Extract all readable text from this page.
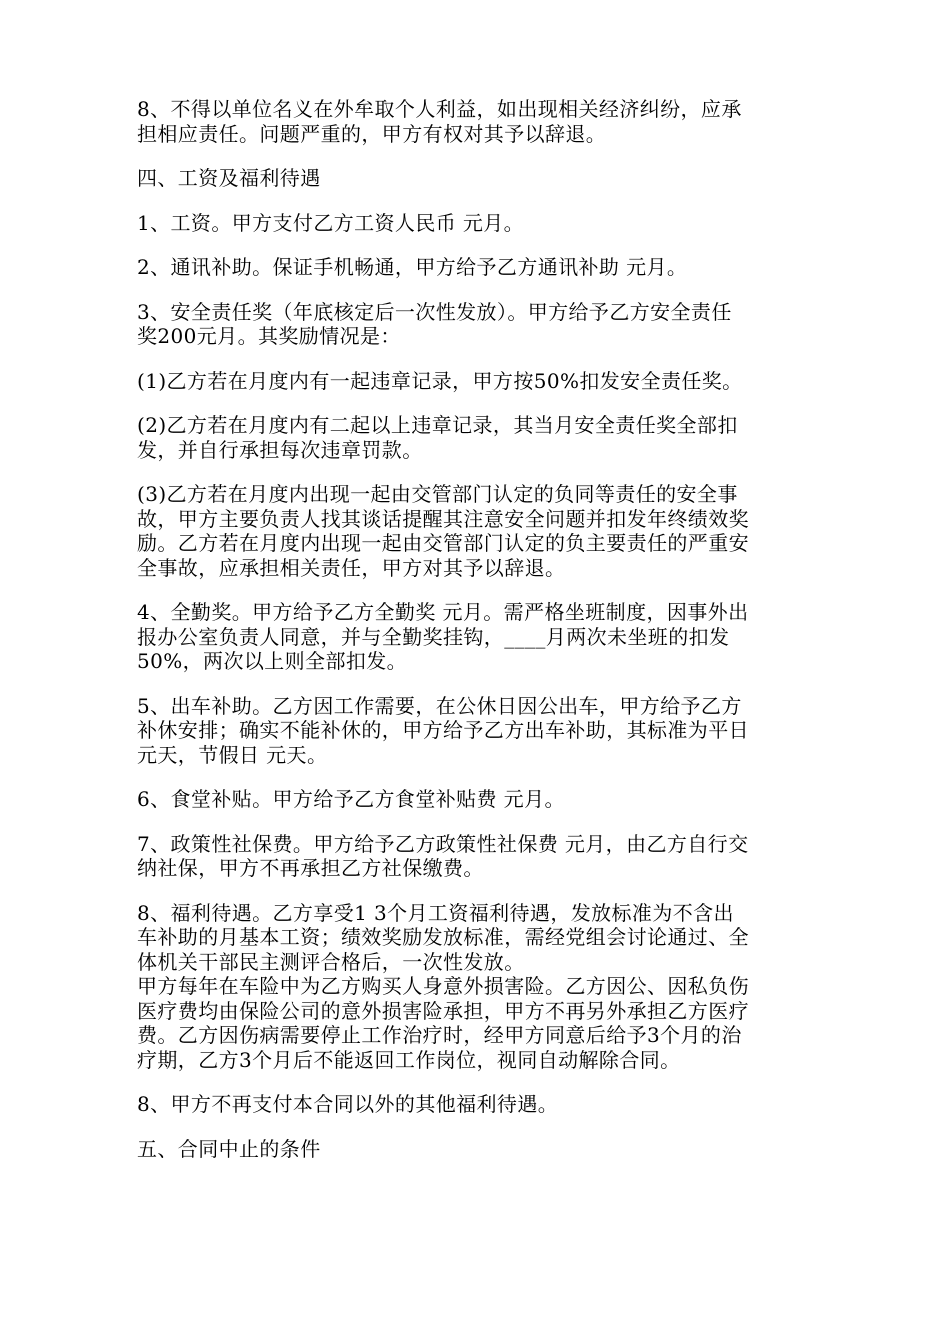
8、不得以单位名义在外牟取个人利益，如出现相关经济纠纷，应承
担相应责任。问题严重的，甲方有权对其予以辞退。

四、工资及福利待遇

1、工资。甲方支付乙方工资人民币 元月。

2、通讯补助。保证手机畅通，甲方给予乙方通讯补助 元月。

3、安全责任奖（年底核定后一次性发放）。甲方给予乙方安全责任
奖200元月。其奖励情况是：

(1)乙方若在月度内有一起违章记录，甲方按50%扣发安全责任奖。

(2)乙方若在月度内有二起以上违章记录，其当月安全责任奖全部扣
发，并自行承担每次违章罚款。

(3)乙方若在月度内出现一起由交管部门认定的负同等责任的安全事
故，甲方主要负责人找其谈话提醒其注意安全问题并扣发年终绩效奖
励。乙方若在月度内出现一起由交管部门认定的负主要责任的严重安
全事故，应承担相关责任，甲方对其予以辞退。

4、全勤奖。甲方给予乙方全勤奖 元月。需严格坐班制度，因事外出
报办公室负责人同意，并与全勤奖挂钩，____月两次未坐班的扣发
50%，两次以上则全部扣发。

5、出车补助。乙方因工作需要，在公休日因公出车，甲方给予乙方
补休安排；确实不能补休的，甲方给予乙方出车补助，其标准为平日
元天，节假日 元天。

6、食堂补贴。甲方给予乙方食堂补贴费 元月。

7、政策性社保费。甲方给予乙方政策性社保费 元月，由乙方自行交
纳社保，甲方不再承担乙方社保缴费。

8、福利待遇。乙方享受1 3个月工资福利待遇，发放标准为不含出
车补助的月基本工资；绩效奖励发放标准，需经党组会讨论通过、全
体机关干部民主测评合格后，一次性发放。

甲方每年在车险中为乙方购买人身意外损害险。乙方因公、因私负伤
医疗费均由保险公司的意外损害险承担，甲方不再另外承担乙方医疗
费。乙方因伤病需要停止工作治疗时，经甲方同意后给予3个月的治
疗期，乙方3个月后不能返回工作岗位，视同自动解除合同。

8、甲方不再支付本合同以外的其他福利待遇。

五、合同中止的条件
